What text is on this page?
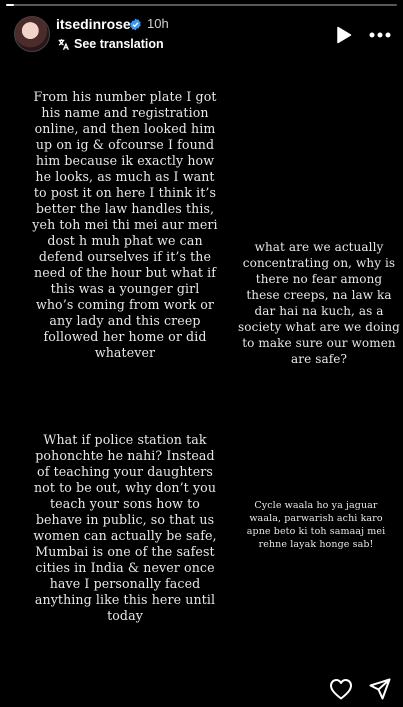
itsedinrose 10h
See translation

From his number plate I got his name and registration online, and then looked him up on ig & ofcourse I found him because ik exactly how he looks, as much as I want to post it on here I think it’s better the law handles this, yeh toh mei thi mei aur meri dost h muh phat we can defend ourselves if it’s the need of the hour but what if this was a younger girl who’s coming from work or any lady and this creep followed her home or did whatever

what are we actually concentrating on, why is there no fear among these creeps, na law ka dar hai na kuch, as a society what are we doing to make sure our women are safe?

What if police station tak pohonchte he nahi? Instead of teaching your daughters not to be out, why don’t you teach your sons how to behave in public, so that us women can actually be safe, Mumbai is one of the safest cities in India & never once have I personally faced anything like this here until today

Cycle waala ho ya jaguar waala, parwarish achi karo apne beto ki toh samaaj mei rehne layak honge sab!
